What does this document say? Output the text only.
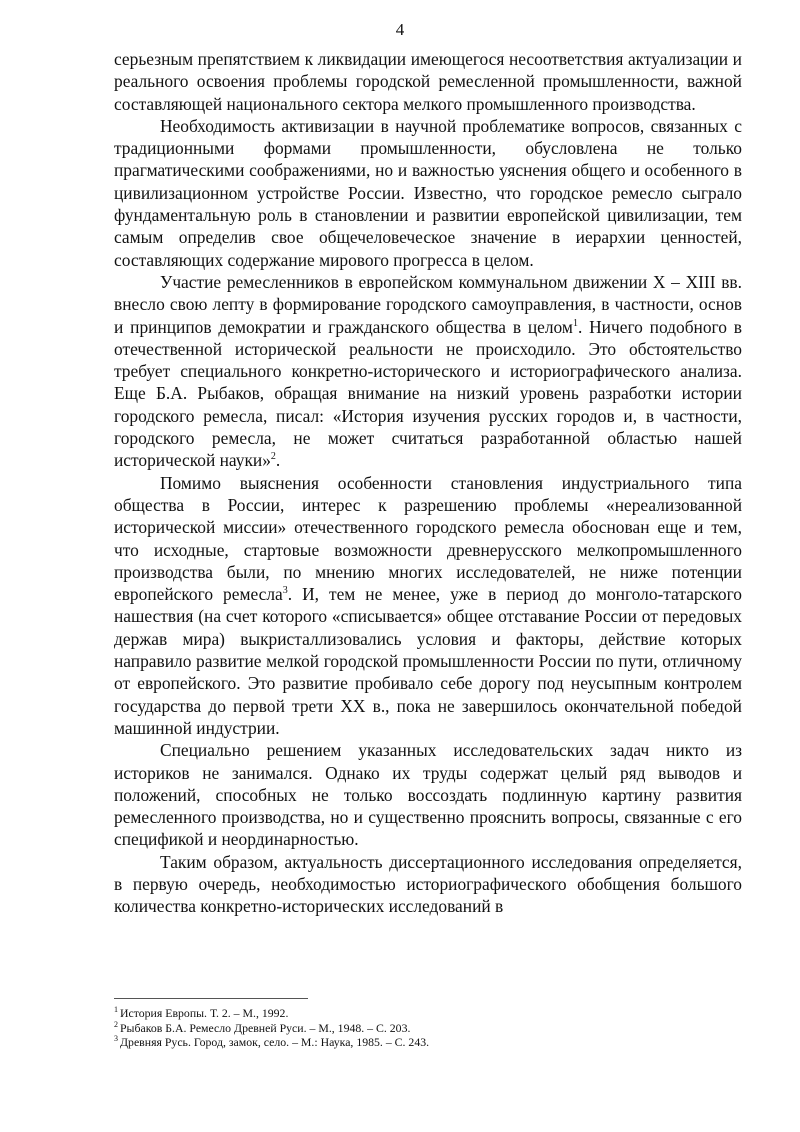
4

серьезным препятствием к ликвидации имеющегося несоответствия актуализации и реального освоения проблемы городской ремесленной промышленности, важной составляющей национального сектора мелкого промышленного производства.

Необходимость активизации в научной проблематике вопросов, связанных с традиционными формами промышленности, обусловлена не только прагматическими соображениями, но и важностью уяснения общего и особенного в цивилизационном устройстве России. Известно, что городское ремесло сыграло фундаментальную роль в становлении и развитии европейской цивилизации, тем самым определив свое общечеловеческое значение в иерархии ценностей, составляющих содержание мирового прогресса в целом.

Участие ремесленников в европейском коммунальном движении X – XIII вв. внесло свою лепту в формирование городского самоуправления, в частности, основ и принципов демократии и гражданского общества в целом$^1$. Ничего подобного в отечественной исторической реальности не происходило. Это обстоятельство требует специального конкретно-исторического и историографического анализа. Еще Б.А. Рыбаков, обращая внимание на низкий уровень разработки истории городского ремесла, писал: «История изучения русских городов и, в частности, городского ремесла, не может считаться разработанной областью нашей исторической науки»$^2$.

Помимо выяснения особенности становления индустриального типа общества в России, интерес к разрешению проблемы «нереализованной исторической миссии» отечественного городского ремесла обоснован еще и тем, что исходные, стартовые возможности древнерусского мелкопромышленного производства были, по мнению многих исследователей, не ниже потенции европейского ремесла$^3$. И, тем не менее, уже в период до монголо-татарского нашествия (на счет которого «списывается» общее отставание России от передовых держав мира) выкристаллизовались условия и факторы, действие которых направило развитие мелкой городской промышленности России по пути, отличному от европейского. Это развитие пробивало себе дорогу под неусыпным контролем государства до первой трети XX в., пока не завершилось окончательной победой машинной индустрии.

Специально решением указанных исследовательских задач никто из историков не занимался. Однако их труды содержат целый ряд выводов и положений, способных не только воссоздать подлинную картину развития ремесленного производства, но и существенно прояснить вопросы, связанные с его спецификой и неординарностью.

Таким образом, актуальность диссертационного исследования определяется, в первую очередь, необходимостью историографического обобщения большого количества конкретно-исторических исследований в

$^1$ История Европы. Т. 2. – М., 1992.

$^2$ Рыбаков Б.А. Ремесло Древней Руси. – М., 1948. – С. 203.

$^3$ Древняя Русь. Город, замок, село. – М.: Наука, 1985. – С. 243.
